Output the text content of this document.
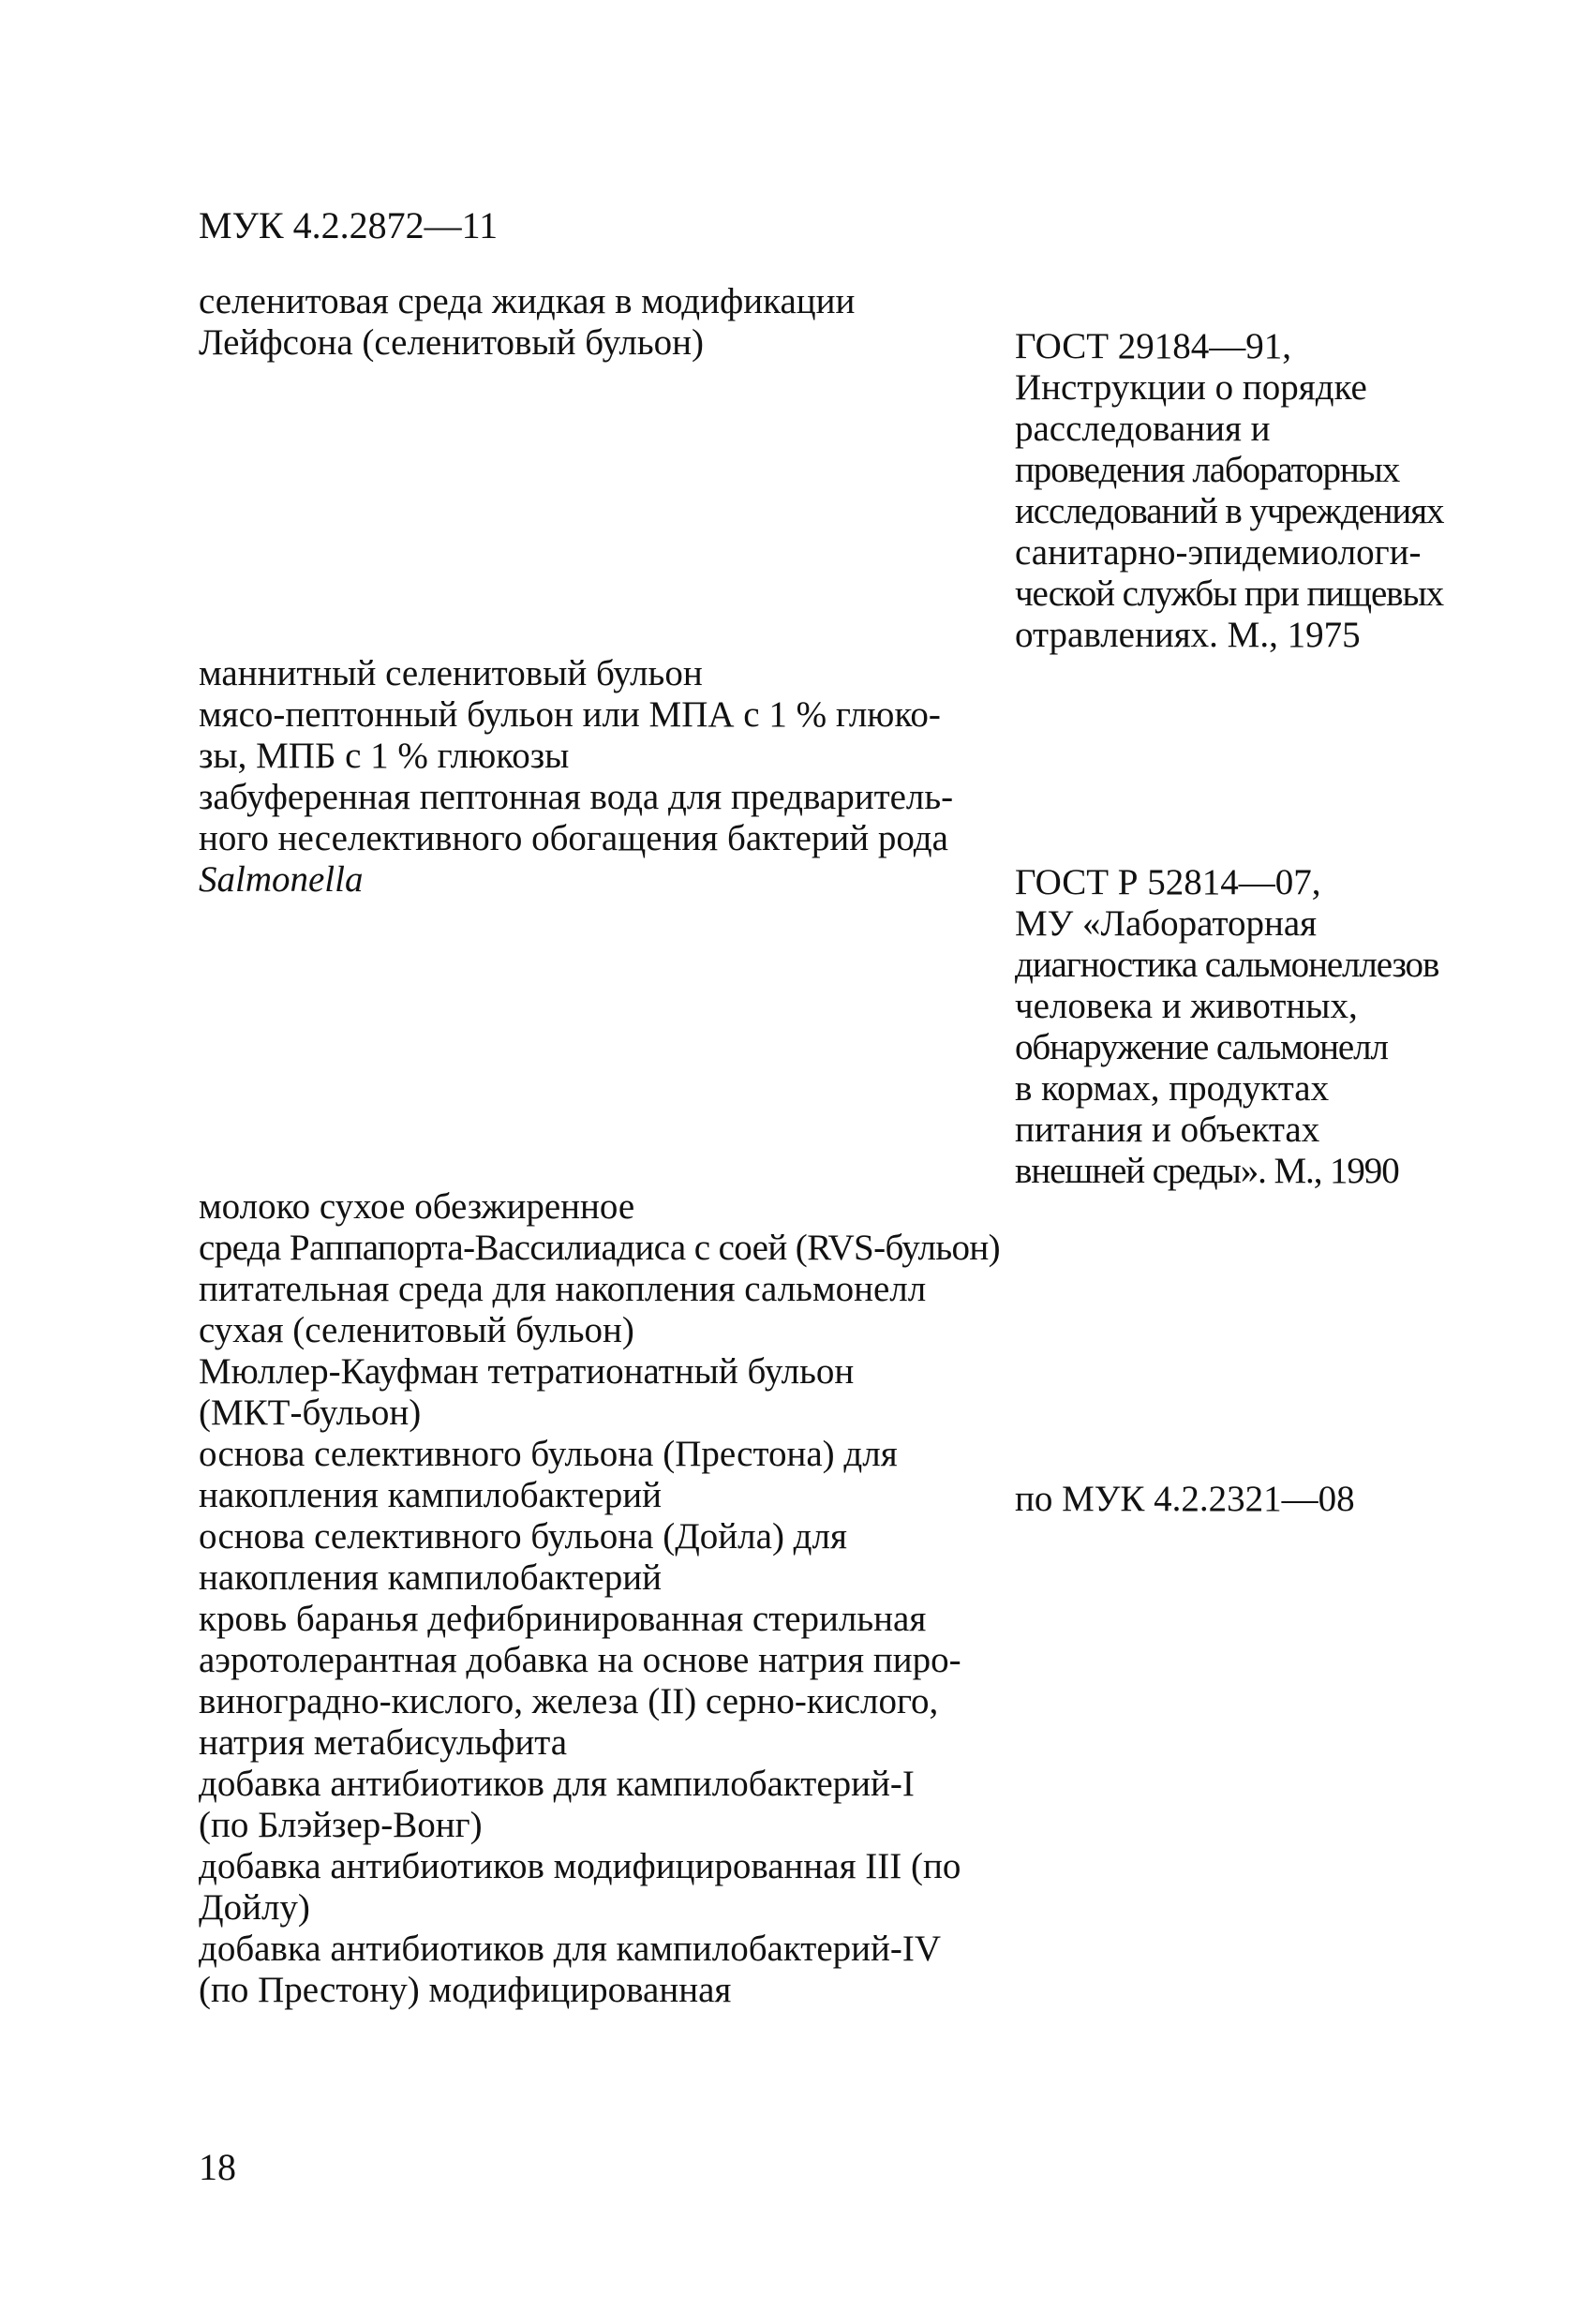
МУК 4.2.2872—11
селенитовая среда жидкая в модификации
Лейфсона (селенитовый бульон)
маннитный селенитовый бульон
мясо-пептонный бульон или МПА с 1 % глюко-
зы, МПБ с 1 % глюкозы
забуференная пептонная вода для предваритель-
ного неселективного обогащения бактерий рода
Salmonella
молоко сухое обезжиренное
среда Раппапорта-Вассилиадиса с соей (RVS-бульон)
питательная среда для накопления сальмонелл
сухая (селенитовый бульон)
Мюллер-Кауфман тетратионатный бульон
(МКТ-бульон)
основа селективного бульона (Престона) для
накопления кампилобактерий
основа селективного бульона (Дойла) для
накопления кампилобактерий
кровь баранья дефибринированная стерильная
аэротолерантная добавка на основе натрия пиро-
виноградно-кислого, железа (II) серно-кислого,
натрия метабисульфита
добавка антибиотиков для кампилобактерий-I
(по Блэйзер-Вонг)
добавка антибиотиков модифицированная III (по
Дойлу)
добавка антибиотиков для кампилобактерий-IV
(по Престону) модифицированная
ГОСТ 29184—91,
Инструкции о порядке
расследования и
проведения лабораторных
исследований в учреждениях
санитарно-эпидемиологи-
ческой службы при пищевых
отравлениях. М., 1975
ГОСТ Р 52814—07,
МУ «Лабораторная
диагностика сальмонеллезов
человека и животных,
обнаружение сальмонелл
в кормах, продуктах
питания и объектах
внешней среды». М., 1990
по МУК 4.2.2321—08
18
